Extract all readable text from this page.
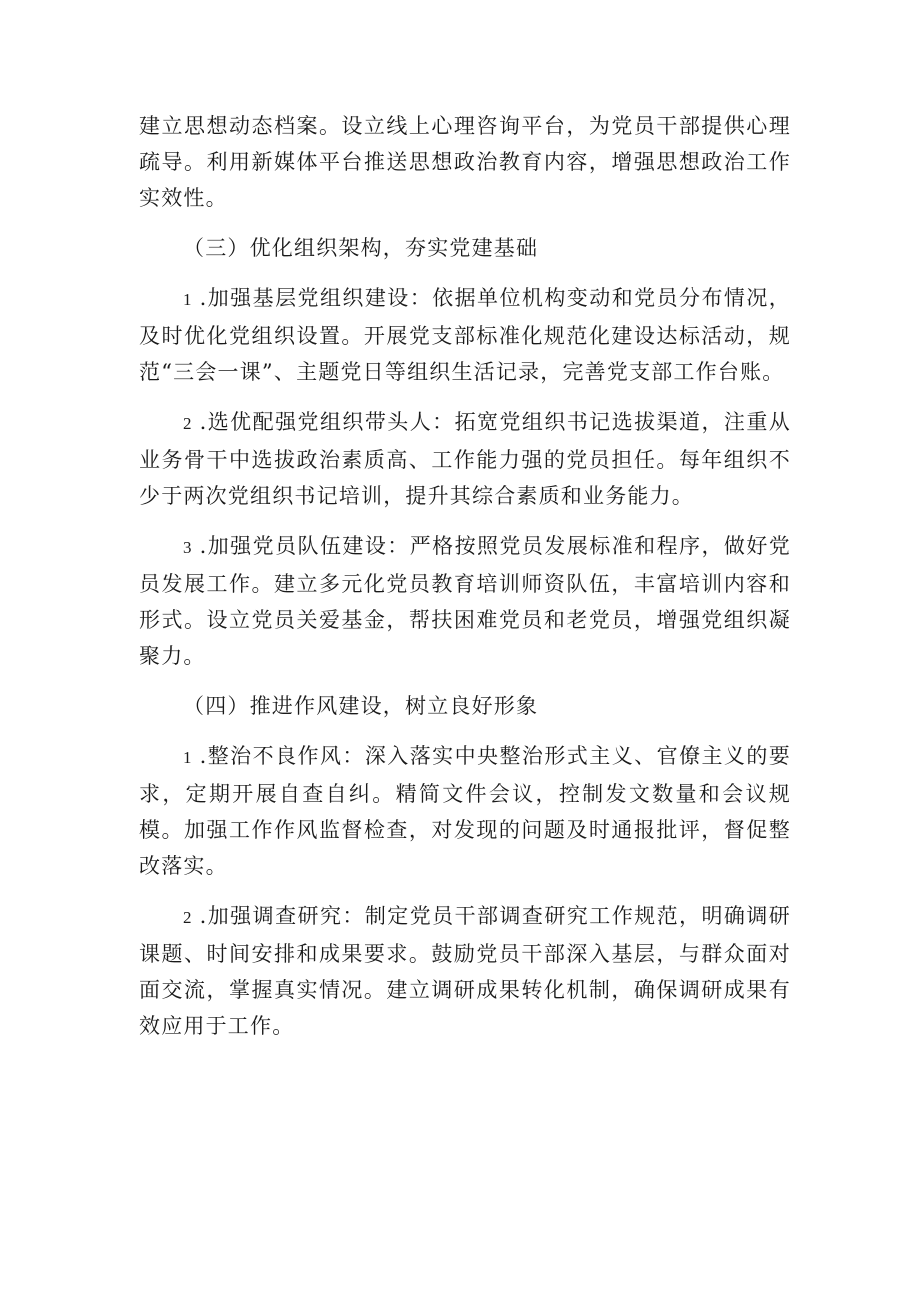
建立思想动态档案。设立线上心理咨询平台，为党员干部提供心理疏导。利用新媒体平台推送思想政治教育内容，增强思想政治工作实效性。

（三）优化组织架构，夯实党建基础

1 .加强基层党组织建设：依据单位机构变动和党员分布情况，及时优化党组织设置。开展党支部标准化规范化建设达标活动，规范“三会一课”、主题党日等组织生活记录，完善党支部工作台账。

2 .选优配强党组织带头人：拓宽党组织书记选拔渠道，注重从业务骨干中选拔政治素质高、工作能力强的党员担任。每年组织不少于两次党组织书记培训，提升其综合素质和业务能力。

3 .加强党员队伍建设：严格按照党员发展标准和程序，做好党员发展工作。建立多元化党员教育培训师资队伍，丰富培训内容和形式。设立党员关爱基金，帮扶困难党员和老党员，增强党组织凝聚力。

（四）推进作风建设，树立良好形象

1 .整治不良作风：深入落实中央整治形式主义、官僚主义的要求，定期开展自查自纠。精简文件会议，控制发文数量和会议规模。加强工作作风监督检查，对发现的问题及时通报批评，督促整改落实。

2 .加强调查研究：制定党员干部调查研究工作规范，明确调研课题、时间安排和成果要求。鼓励党员干部深入基层，与群众面对面交流，掌握真实情况。建立调研成果转化机制，确保调研成果有效应用于工作。
